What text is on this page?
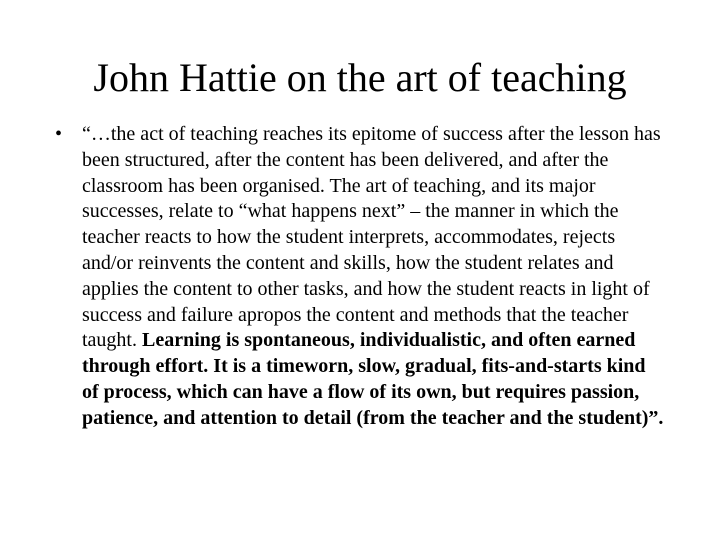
John Hattie on the art of teaching
• “…the act of teaching reaches its epitome of success after the lesson has been structured, after the content has been delivered, and after the classroom has been organised. The art of teaching, and its major successes, relate to “what happens next” – the manner in which the teacher reacts to how the student interprets, accommodates, rejects and/or reinvents the content and skills, how the student relates and applies the content to other tasks, and how the student reacts in light of success and failure apropos the content and methods that the teacher taught. Learning is spontaneous, individualistic, and often earned through effort. It is a timeworn, slow, gradual, fits-and-starts kind of process, which can have a flow of its own, but requires passion, patience, and attention to detail (from the teacher and the student)”.
